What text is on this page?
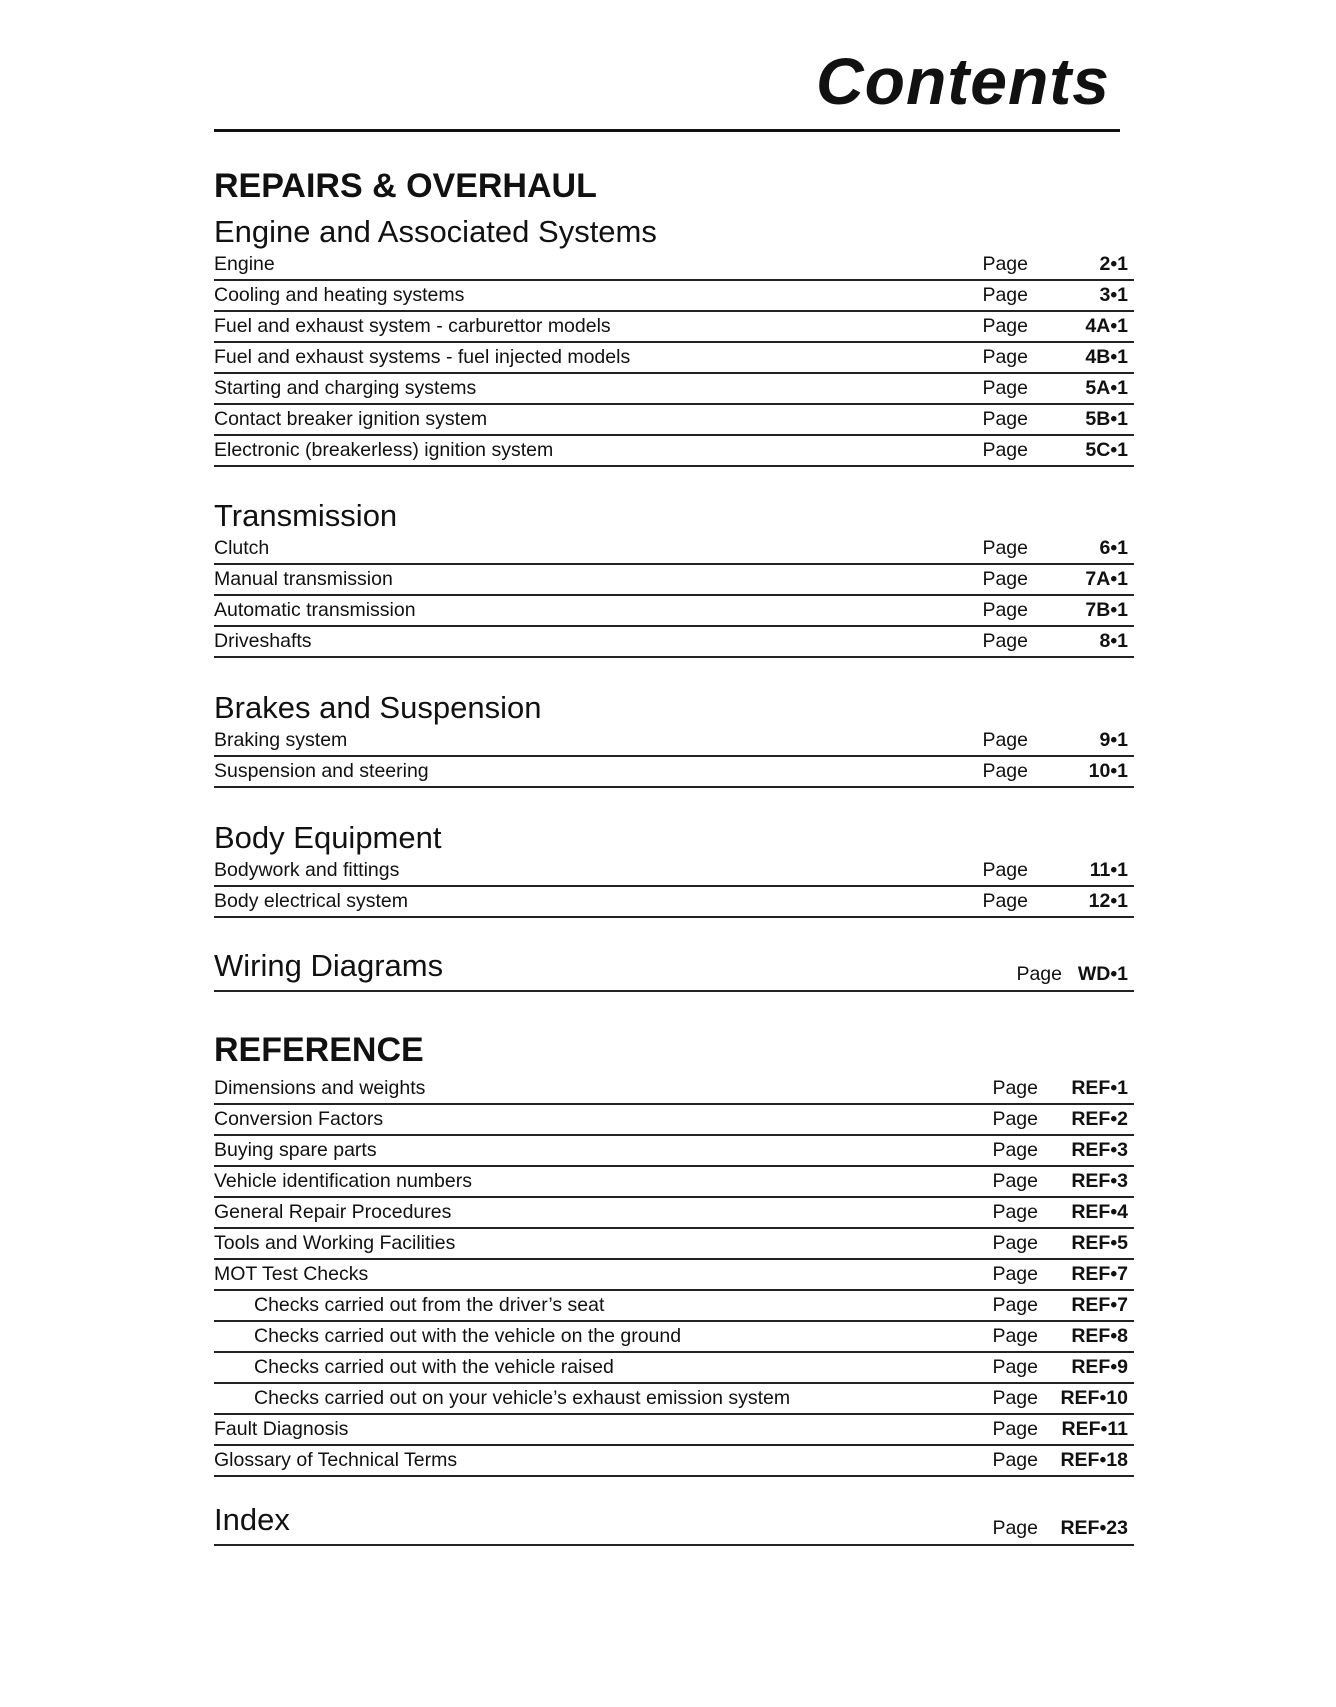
Contents
REPAIRS & OVERHAUL
Engine and Associated Systems
Engine	Page	2•1
Cooling and heating systems	Page	3•1
Fuel and exhaust system - carburettor models	Page	4A•1
Fuel and exhaust systems - fuel injected models	Page	4B•1
Starting and charging systems	Page	5A•1
Contact breaker ignition system	Page	5B•1
Electronic (breakerless) ignition system	Page	5C•1
Transmission
Clutch	Page	6•1
Manual transmission	Page	7A•1
Automatic transmission	Page	7B•1
Driveshafts	Page	8•1
Brakes and Suspension
Braking system	Page	9•1
Suspension and steering	Page	10•1
Body Equipment
Bodywork and fittings	Page	11•1
Body electrical system	Page	12•1
Wiring Diagrams	Page WD•1
REFERENCE
Dimensions and weights	Page REF•1
Conversion Factors	Page REF•2
Buying spare parts	Page REF•3
Vehicle identification numbers	Page REF•3
General Repair Procedures	Page REF•4
Tools and Working Facilities	Page REF•5
MOT Test Checks	Page REF•7
Checks carried out from the driver’s seat	Page REF•7
Checks carried out with the vehicle on the ground	Page REF•8
Checks carried out with the vehicle raised	Page REF•9
Checks carried out on your vehicle’s exhaust emission system	Page REF•10
Fault Diagnosis	Page REF•11
Glossary of Technical Terms	Page REF•18
Index	Page REF•23
